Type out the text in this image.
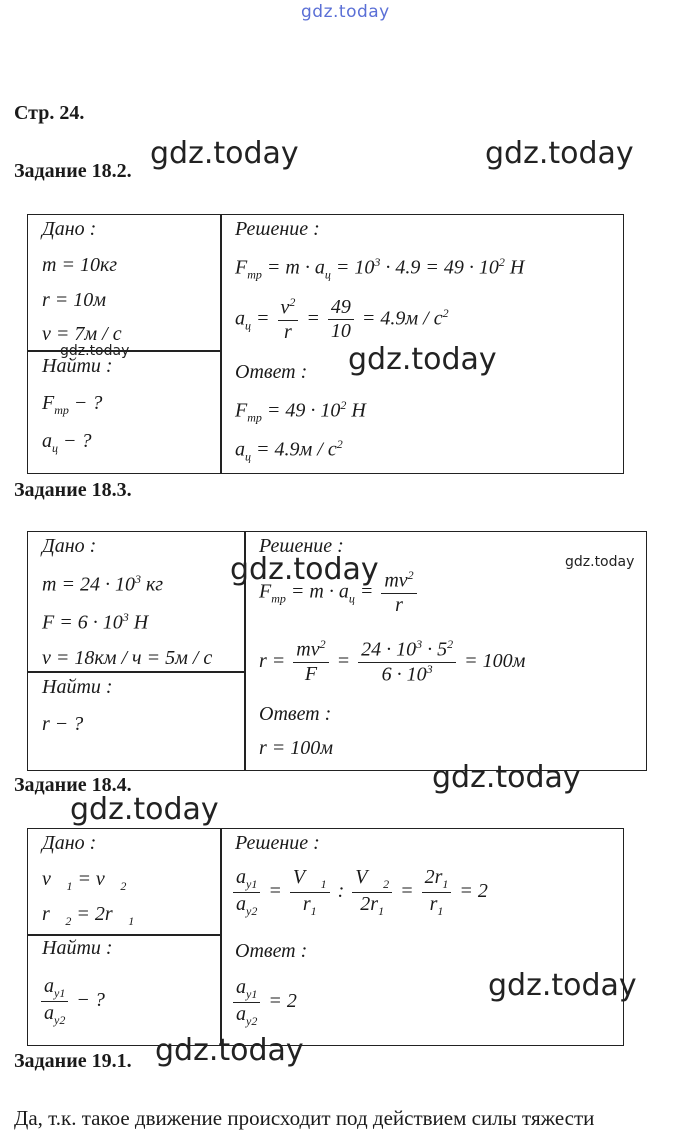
gdz.today
Стр. 24.
Задание 18.2. gdz.today	gdz.today
Дано :
m = 10кг
r = 10м
v = 7м / с
gdz.today
Найти :
$F_{тр}$ − ?
$a_ц$ − ?
Решение :
$F_{тр} = m \cdot a_ц = 10^3 \cdot 4.9 = 49 \cdot 10^2$ H
$a_ц = \frac{v^2}{r} = \frac{49}{10} = 4.9м / с^2$
gdz.today
Ответ :
$F_{тр} = 49 \cdot 10^2$ H
$a_ц = 4.9м / с^2$
Задание 18.3.
Дано :
$m = 24 \cdot 10^3$ кг
$F = 6 \cdot 10^3$ H
v = 18км / ч = 5м / с
Найти :
r − ?
Решение :
gdz.today	gdz.today
$F_{тр} = m \cdot a_ц = \frac{mv^2}{r}$
$r = \frac{mv^2}{F} = \frac{24 \cdot 10^3 \cdot 5^2}{6 \cdot 10^3} = 100м$
Ответ :
r = 100м
Задание 18.4.	gdz.today
gdz.today
Дано :
$v⃗_1$ = $v⃗_2$
$r⃗_2$ = $2r⃗_1$
Найти :
$\frac{a_{y1}}{a_{y2}}$ − ?
Решение :
$\frac{a_{y1}}{a_{y2}} = \frac{V⃗_1}{r_1}$ : $\frac{V⃗_2}{2r_1} = \frac{2r_1}{r_1} = 2$
Ответ :
$\frac{a_{y1}}{a_{y2}} = 2$	gdz.today
Задание 19.1. gdz.today
Да, т.к. такое движение происходит под действием силы тяжести
